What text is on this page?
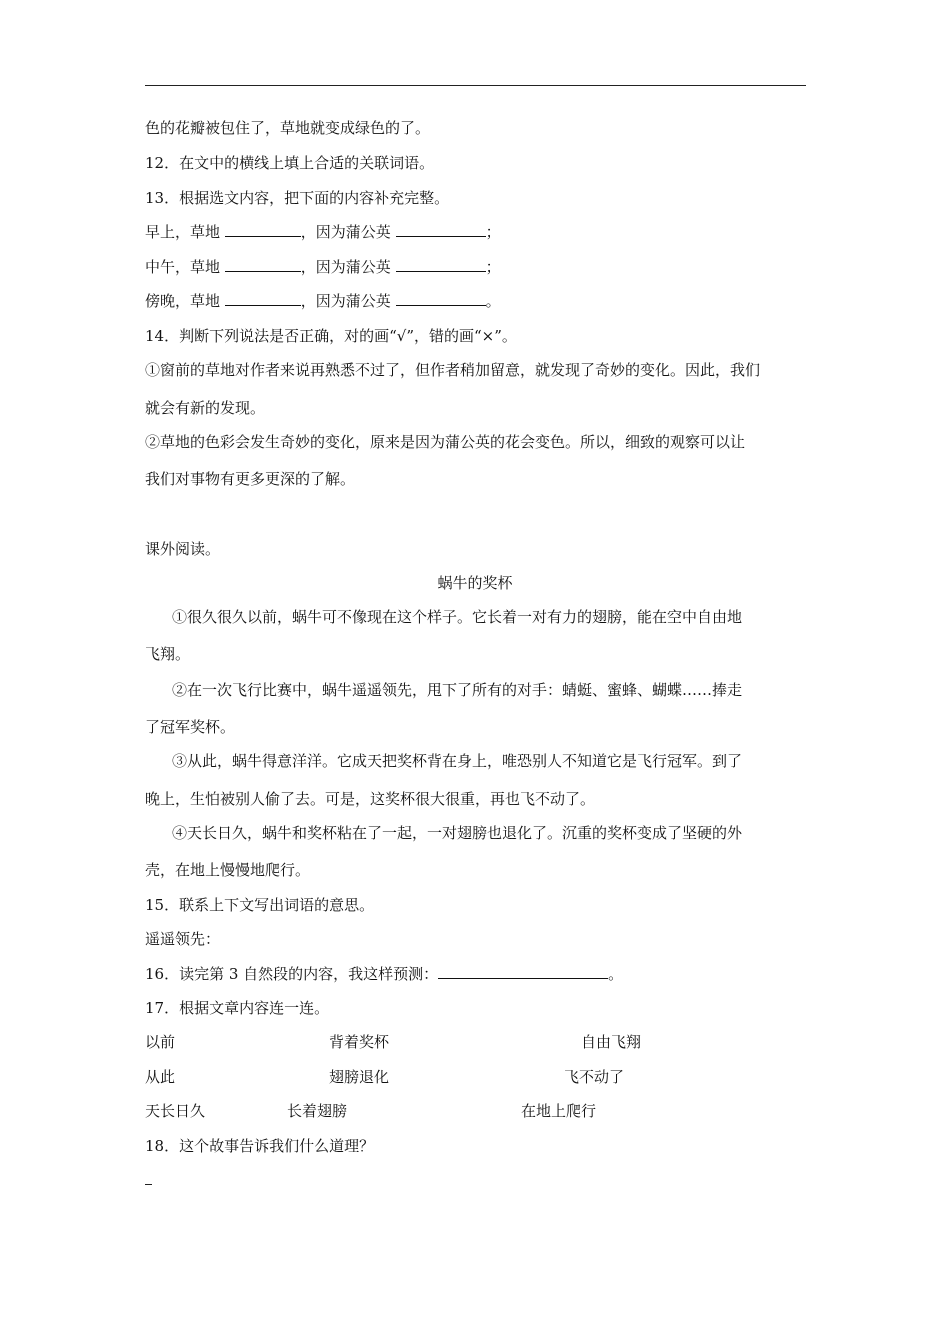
色的花瓣被包住了，草地就变成绿色的了。
12．在文中的横线上填上合适的关联词语。
13．根据选文内容，把下面的内容补充完整。
早上，草地	，因为蒲公英	；
中午，草地	，因为蒲公英	；
傍晚，草地	，因为蒲公英	。
14．判断下列说法是否正确，对的画“√”，错的画“×”。
①窗前的草地对作者来说再熟悉不过了，但作者稍加留意，就发现了奇妙的变化。因此，我们
就会有新的发现。
②草地的色彩会发生奇妙的变化，原来是因为蒲公英的花会变色。所以，细致的观察可以让
我们对事物有更多更深的了解。
课外阅读。
蜗牛的奖杯
①很久很久以前，蜗牛可不像现在这个样子。它长着一对有力的翅膀，能在空中自由地
飞翔。
②在一次飞行比赛中，蜗牛遥遥领先，甩下了所有的对手：蜻蜓、蜜蜂、蝴蝶……捧走
了冠军奖杯。
③从此，蜗牛得意洋洋。它成天把奖杯背在身上，唯恐别人不知道它是飞行冠军。到了
晚上，生怕被别人偷了去。可是，这奖杯很大很重，再也飞不动了。
④天长日久，蜗牛和奖杯粘在了一起，一对翅膀也退化了。沉重的奖杯变成了坚硬的外
壳，在地上慢慢地爬行。
15．联系上下文写出词语的意思。
遥遥领先：
16．读完第 3 自然段的内容，我这样预测：	。
17．根据文章内容连一连。
以前	背着奖杯	自由飞翔
从此	翅膀退化	飞不动了
天长日久	长着翅膀	在地上爬行
18．这个故事告诉我们什么道理？
